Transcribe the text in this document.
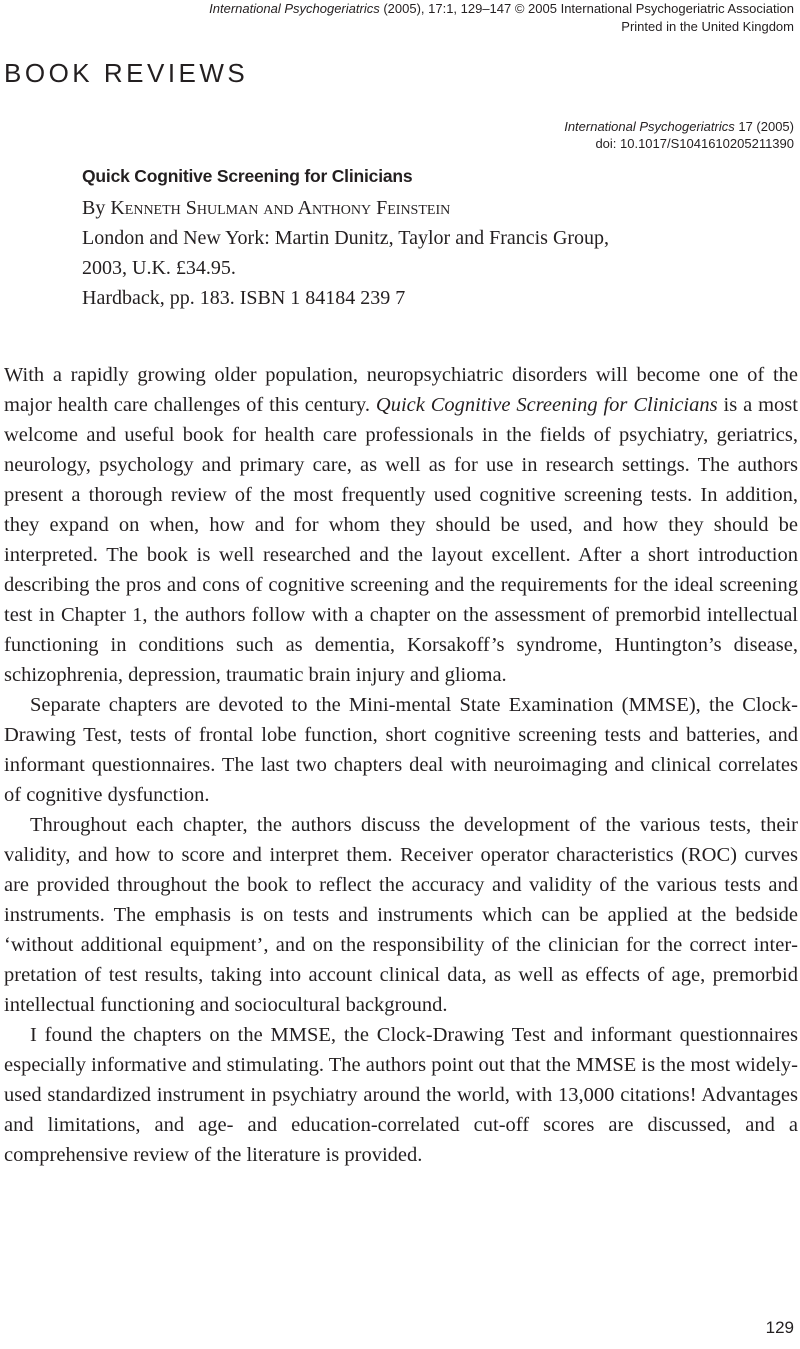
International Psychogeriatrics (2005), 17:1, 129–147 © 2005 International Psychogeriatric Association
Printed in the United Kingdom
BOOK REVIEWS
International Psychogeriatrics 17 (2005)
doi: 10.1017/S1041610205211390
Quick Cognitive Screening for Clinicians
By Kenneth Shulman and Anthony Feinstein
London and New York: Martin Dunitz, Taylor and Francis Group,
2003, U.K. £34.95.
Hardback, pp. 183. ISBN 1 84184 239 7

With a rapidly growing older population, neuropsychiatric disorders will become one of the major health care challenges of this century. Quick Cognitive Screening for Clinicians is a most welcome and useful book for health care professionals in the fields of psychiatry, geriatrics, neurology, psychology and primary care, as well as for use in research settings. The authors present a thorough review of the most frequently used cognitive screening tests. In addition, they expand on when, how and for whom they should be used, and how they should be interpreted. The book is well researched and the layout excellent. After a short introduction describing the pros and cons of cognitive screening and the requirements for the ideal screening test in Chapter 1, the authors follow with a chapter on the assessment of premorbid intellectual functioning in conditions such as dementia, Korsakoff’s syndrome, Huntington’s disease, schizophrenia, depression, traumatic brain injury and glioma.

Separate chapters are devoted to the Mini-mental State Examination (MMSE), the Clock-Drawing Test, tests of frontal lobe function, short cognitive screening tests and batteries, and informant questionnaires. The last two chapters deal with neuroimaging and clinical correlates of cognitive dysfunction.

Throughout each chapter, the authors discuss the development of the various tests, their validity, and how to score and interpret them. Receiver operator characteristics (ROC) curves are provided throughout the book to reflect the accuracy and validity of the various tests and instruments. The emphasis is on tests and instruments which can be applied at the bedside ‘without additional equipment’, and on the responsibility of the clinician for the correct interpretation of test results, taking into account clinical data, as well as effects of age, premorbid intellectual functioning and sociocultural background.

I found the chapters on the MMSE, the Clock-Drawing Test and informant questionnaires especially informative and stimulating. The authors point out that the MMSE is the most widely-used standardized instrument in psychiatry around the world, with 13,000 citations! Advantages and limitations, and age- and education-correlated cut-off scores are discussed, and a comprehensive review of the literature is provided.

129
